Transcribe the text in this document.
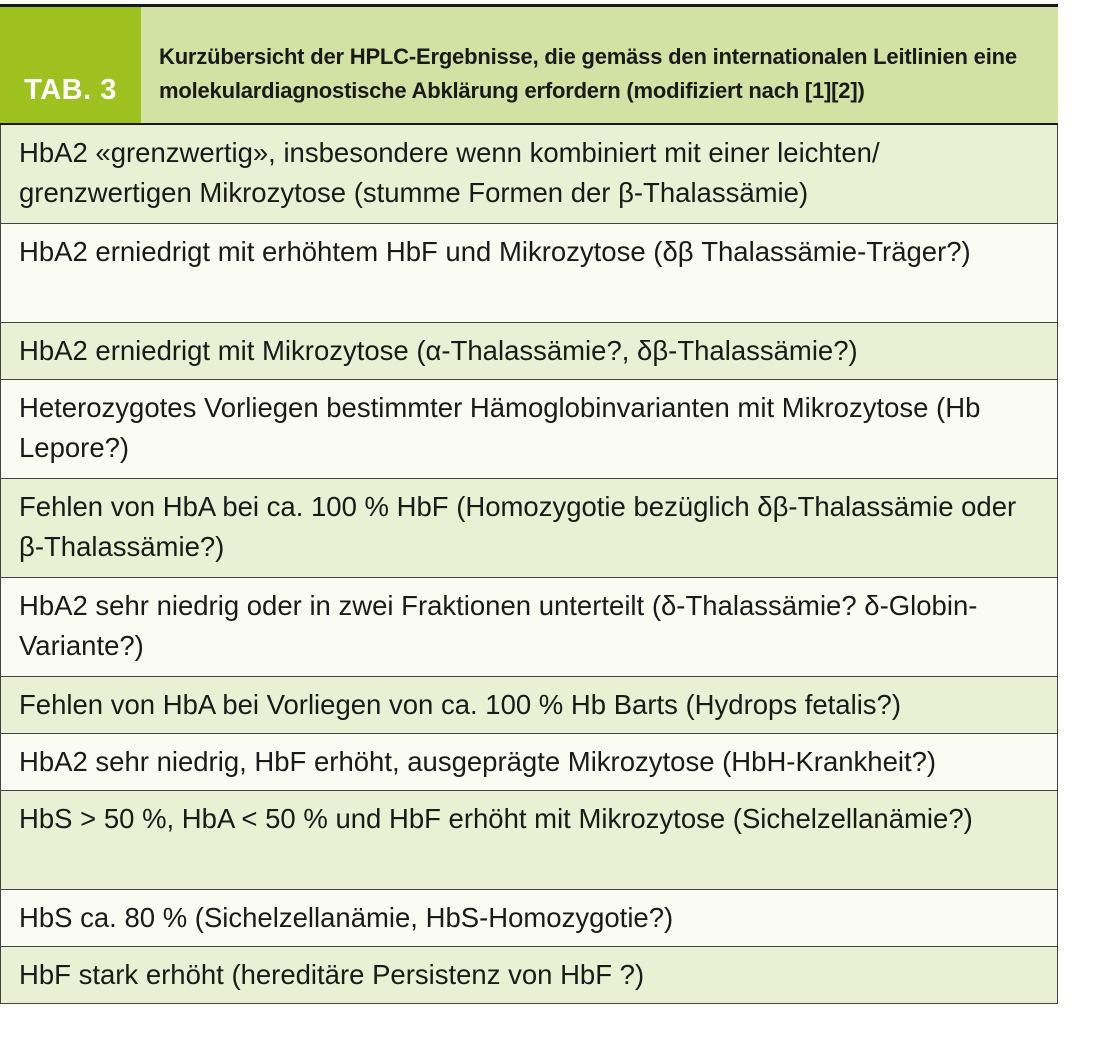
TAB. 3
Kurzübersicht der HPLC-Ergebnisse, die gemäss den internationalen Leitlinien eine molekulardiagnostische Abklärung erfordern (modifiziert nach [1][2])
HbA2 «grenzwertig», insbesondere wenn kombiniert mit einer leichten/ grenzwertigen Mikrozytose (stumme Formen der β-Thalassämie)
HbA2 erniedrigt mit erhöhtem HbF und Mikrozytose (δβ Thalassämie-Träger?)
HbA2 erniedrigt mit Mikrozytose (α-Thalassämie?, δβ-Thalassämie?)
Heterozygotes Vorliegen bestimmter Hämoglobinvarianten mit Mikrozytose (Hb Lepore?)
Fehlen von HbA bei ca. 100 % HbF (Homozygotie bezüglich δβ-Thalassämie oder β-Thalassämie?)
HbA2 sehr niedrig oder in zwei Fraktionen unterteilt (δ-Thalassämie? δ-Globin-Variante?)
Fehlen von HbA bei Vorliegen von ca. 100 % Hb Barts (Hydrops fetalis?)
HbA2 sehr niedrig, HbF erhöht, ausgeprägte Mikrozytose (HbH-Krankheit?)
HbS > 50 %, HbA < 50 % und HbF erhöht mit Mikrozytose (Sichelzellanämie?)
HbS ca. 80 % (Sichelzellanämie, HbS-Homozygotie?)
HbF stark erhöht (hereditäre Persistenz von HbF ?)
